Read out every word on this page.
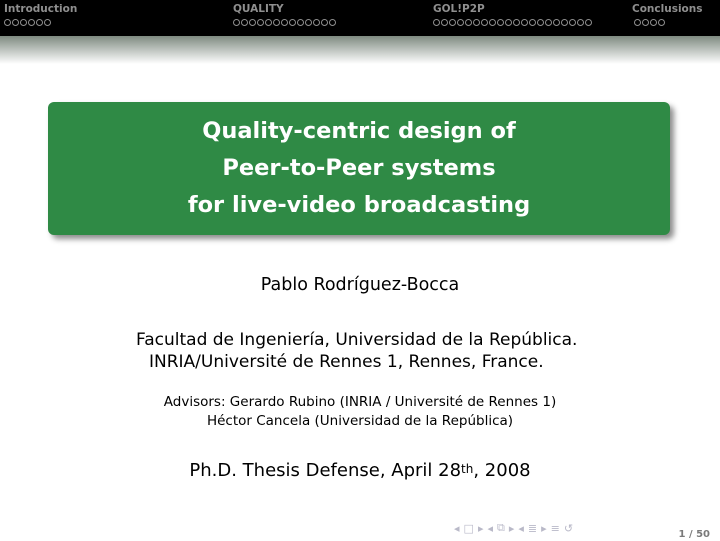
Introduction	QUALITY	GOL!P2P	Conclusions
Quality-centric design of
Peer-to-Peer systems
for live-video broadcasting
Pablo Rodríguez-Bocca
Facultad de Ingeniería, Universidad de la República.
INRIA/Université de Rennes 1, Rennes, France.
Advisors: Gerardo Rubino (INRIA / Université de Rennes 1)
Héctor Cancela (Universidad de la República)
Ph.D. Thesis Defense, April 28th, 2008
◂ □ ▸ ◂ ⧉ ▸ ◂ ≣ ▸ ≡ ↺	1 / 50
